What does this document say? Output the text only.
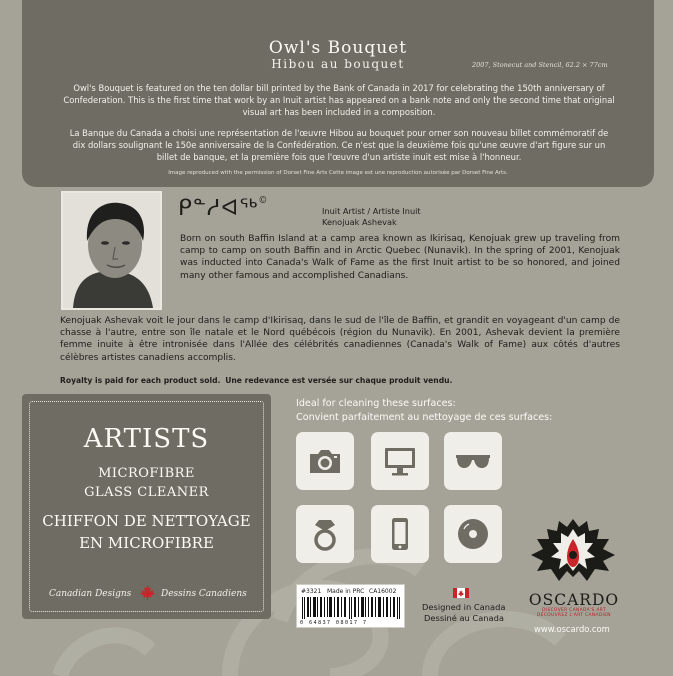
Owl's Bouquet
Hibou au bouquet	2007, Stonecut and Stencil, 62.2 × 77cm
Owl's Bouquet is featured on the ten dollar bill printed by the Bank of Canada in 2017 for celebrating the 150th anniversary of Confederation. This is the first time that work by an Inuit artist has appeared on a bank note and only the second time that original visual art has been included in a composition.
La Banque du Canada a choisi une représentation de l'œuvre Hibou au bouquet pour orner son nouveau billet commémoratif de dix dollars soulignant le 150e anniversaire de la Confédération. Ce n'est que la deuxième fois qu'une œuvre d'art figure sur un billet de banque, et la première fois que l'œuvre d'un artiste inuit est mise à l'honneur.
Image reproduced with the permission of Dorset Fine Arts Cette image est une reproduction autorisée par Dorset Fine Arts.
ᑭᓐᓱᐊᖅ©
Inuit Artist / Artiste Inuit
Kenojuak Ashevak
Born on south Baffin Island at a camp area known as Ikirisaq, Kenojuak grew up traveling from camp to camp on south Baffin and in Arctic Quebec (Nunavik). In the spring of 2001, Kenojuak was inducted into Canada's Walk of Fame as the first Inuit artist to be so honored, and joined many other famous and accomplished Canadians.
Kenojuak Ashevak voit le jour dans le camp d'Ikirisaq, dans le sud de l'île de Baffin, et grandit en voyageant d'un camp de chasse à l'autre, entre son île natale et le Nord québécois (région du Nunavik). En 2001, Ashevak devient la première femme inuite à être intronisée dans l'Allée des célébrités canadiennes (Canada's Walk of Fame) aux côtés d'autres célèbres artistes canadiens accomplis.
Royalty is paid for each product sold. Une redevance est versée sur chaque produit vendu.
ARTISTS
MICROFIBRE
GLASS CLEANER
CHIFFON DE NETTOYAGE
EN MICROFIBRE
Canadian Designs	Dessins Canadiens
Ideal for cleaning these surfaces:
Convient parfaitement au nettoyage de ces surfaces:
#3321 Made in PRC CA16002
0 64837 08017 7
Designed in Canada
Dessiné au Canada
OSCARDO
DISCOVER CANADA'S ART
DÉCOUVREZ L'ART CANADIEN
www.oscardo.com
